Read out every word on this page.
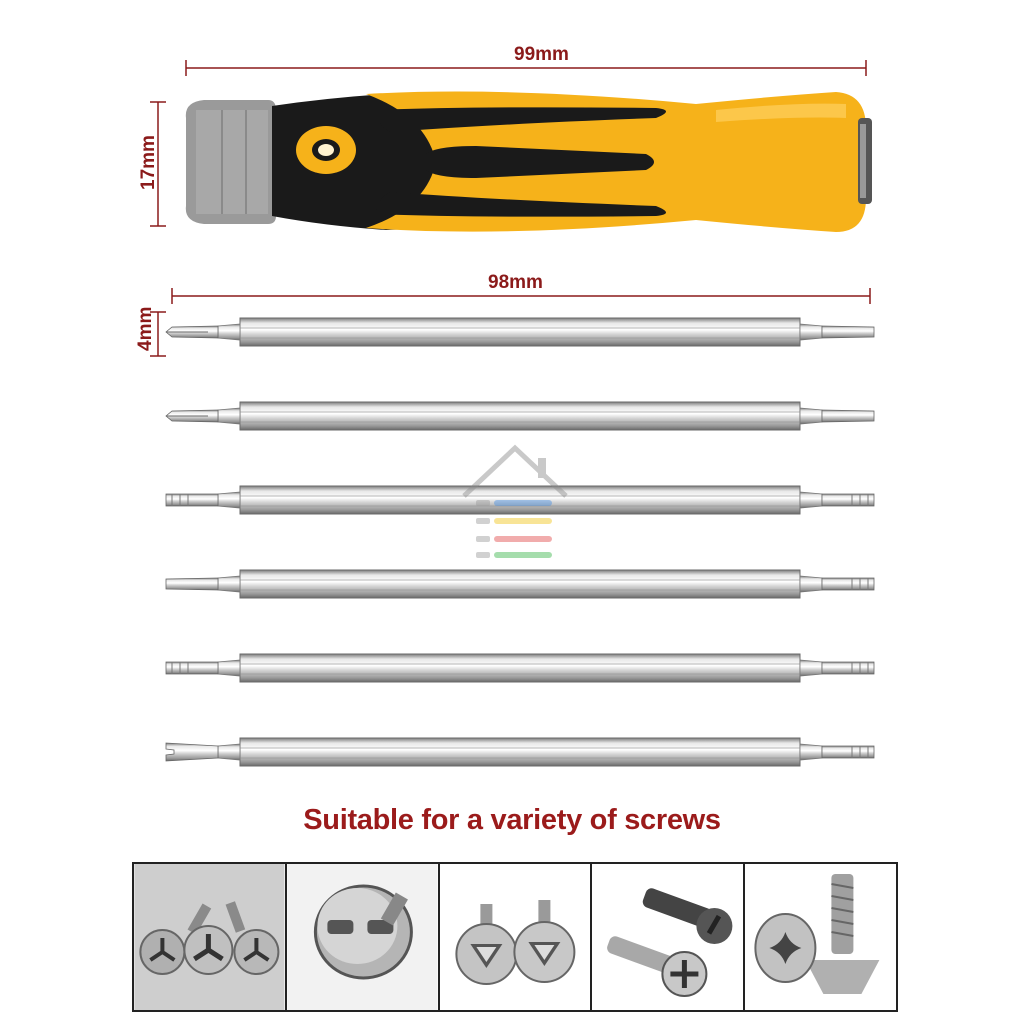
99mm
17mm
98mm
4mm
Suitable for a variety of screws
